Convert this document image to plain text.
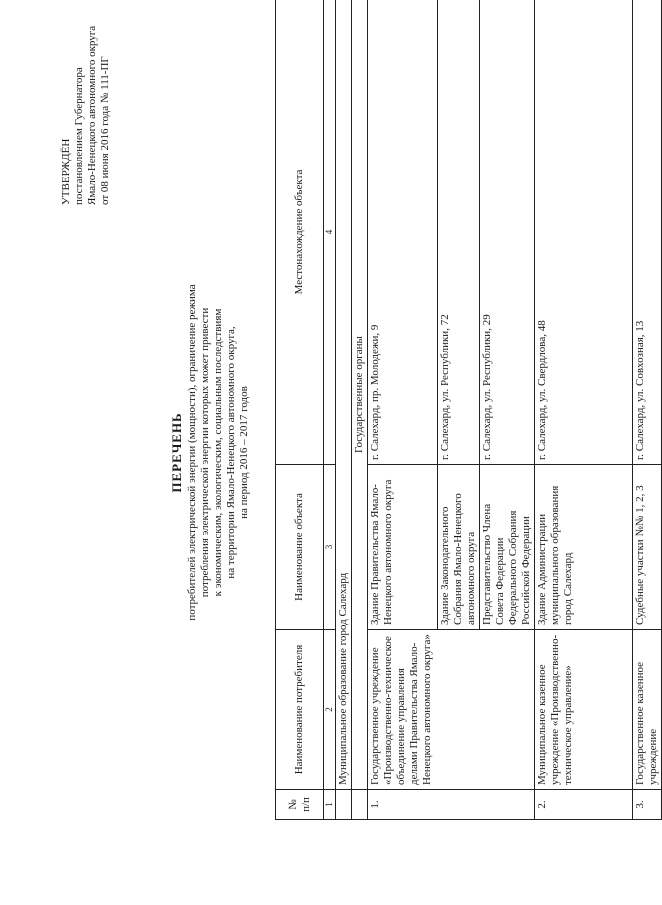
УТВЕРЖДЁН постановлением Губернатора Ямало-Ненецкого автономного округа от 08 июня 2016 года № 111-ПГ
ПЕРЕЧЕНЬ потребителей электрической энергии (мощности), ограничение режима потребления электрической энергии которых может привести к экономическим, экологическим, социальным последствиям на территории Ямало-Ненецкого автономного округа, на период 2016 – 2017 годов
№ п/п	Наименование потребителя	Наименование объекта	Местонахождение объекта
1	2	3	4
	Муниципальное образование город Салехард		
	Государственные органы		
1.	Государственное учреждение «Производственно-техническое объединение управления делами Правительства Ямало-Ненецкого автономного округа»	Здание Правительства Ямало-Ненецкого автономного округа	г. Салехард, пр. Молодежи, 9
		Здание Законодательного Собрания Ямало-Ненецкого автономного округа	г. Салехард, ул. Республики, 72
		Представительство Члена Совета Федерации Федерального Собрания Российской Федерации	г. Салехард, ул. Республики, 29
2.	Муниципальное казенное учреждение «Производственно-техническое управление»	Здание Администрации муниципального образования город Салехард	г. Салехард, ул. Свердлова, 48
3.	Государственное казенное учреждение	Судебные участки №№ 1, 2, 3	г. Салехард, ул. Совхозная, 13
